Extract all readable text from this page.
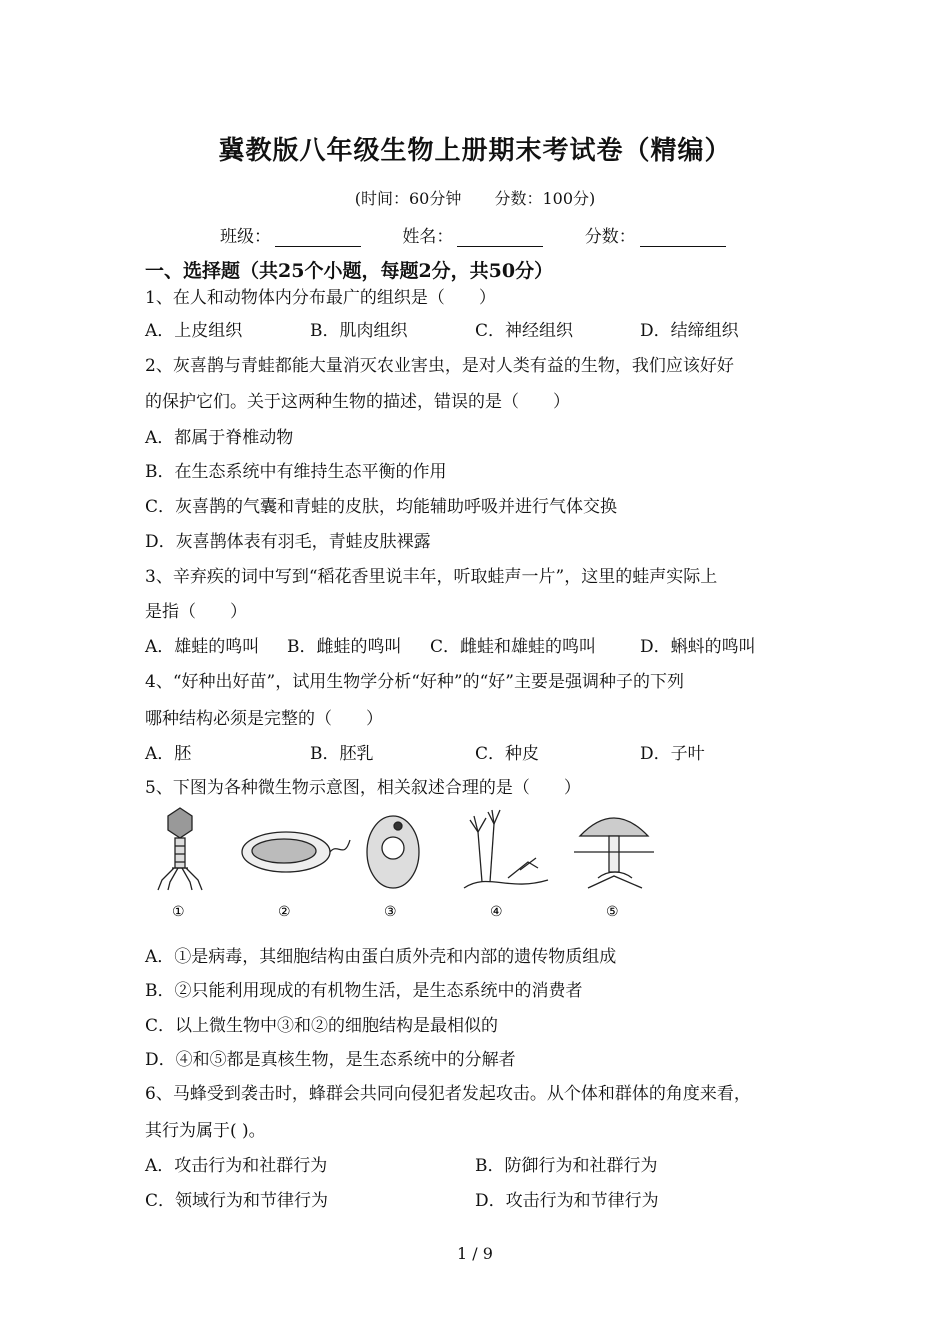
冀教版八年级生物上册期末考试卷（精编）
(时间：60分钟 分数：100分)
班级：	姓名：	分数：
一、选择题（共25个小题，每题2分，共50分）
1、在人和动物体内分布最广的组织是（　　）
A．上皮组织	B．肌肉组织	C．神经组织	D．结缔组织
2、灰喜鹊与青蛙都能大量消灭农业害虫，是对人类有益的生物，我们应该好好
的保护它们。关于这两种生物的描述，错误的是（　　）
A．都属于脊椎动物
B．在生态系统中有维持生态平衡的作用
C．灰喜鹊的气囊和青蛙的皮肤，均能辅助呼吸并进行气体交换
D．灰喜鹊体表有羽毛，青蛙皮肤裸露
3、辛弃疾的词中写到“稻花香里说丰年，听取蛙声一片”，这里的蛙声实际上
是指（　　）
A．雄蛙的鸣叫 B．雌蛙的鸣叫 C．雌蛙和雄蛙的鸣叫	D．蝌蚪的鸣叫
4、“好种出好苗”，试用生物学分析“好种”的“好”主要是强调种子的下列
哪种结构必须是完整的（　　）
A．胚	B．胚乳	C．种皮	D．子叶
5、下图为各种微生物示意图，相关叙述合理的是（　　）
①	②	③	④	⑤
A．①是病毒，其细胞结构由蛋白质外壳和内部的遗传物质组成
B．②只能利用现成的有机物生活，是生态系统中的消费者
C．以上微生物中③和②的细胞结构是最相似的
D．④和⑤都是真核生物，是生态系统中的分解者
6、马蜂受到袭击时，蜂群会共同向侵犯者发起攻击。从个体和群体的角度来看，
其行为属于( )。
A．攻击行为和社群行为	B．防御行为和社群行为
C．领域行为和节律行为	D．攻击行为和节律行为
1 / 9
